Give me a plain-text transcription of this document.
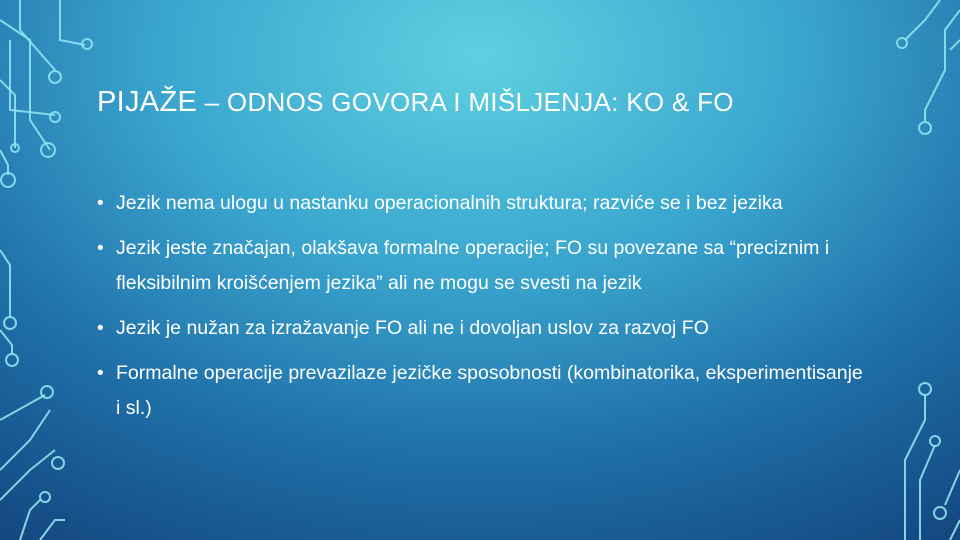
PIJAŽE – ODNOS GOVORA I MIŠLJENJA: KO & FO
• Jezik nema ulogu u nastanku operacionalnih struktura; razviće se i bez jezika
• Jezik jeste značajan, olakšava formalne operacije; FO su povezane sa “preciznim i fleksibilnim kroišćenjem jezika” ali ne mogu se svesti na jezik
• Jezik je nužan za izražavanje FO ali ne i dovoljan uslov za razvoj FO
• Formalne operacije prevazilaze jezičke sposobnosti (kombinatorika, eksperimentisanje i sl.)
